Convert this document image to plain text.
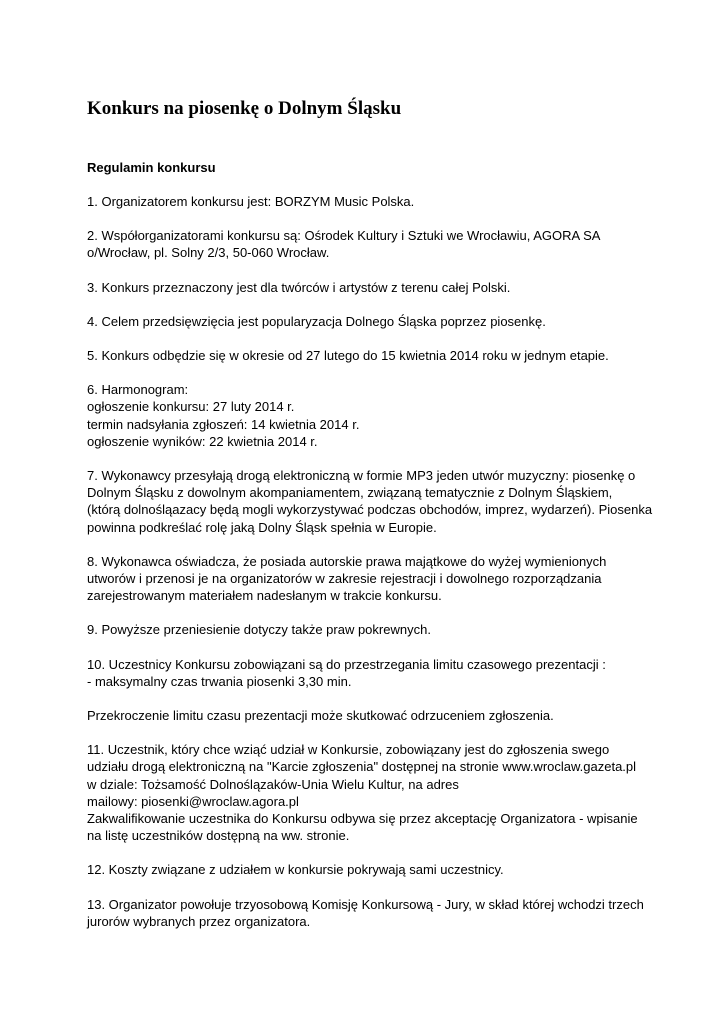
Konkurs na piosenkę o Dolnym Śląsku
Regulamin konkursu
1. Organizatorem konkursu jest: BORZYM Music Polska.
2. Współorganizatorami konkursu są: Ośrodek Kultury i Sztuki we Wrocławiu, AGORA SA
o/Wrocław, pl. Solny 2/3, 50-060 Wrocław.
3. Konkurs przeznaczony jest dla twórców i artystów z terenu całej Polski.
4. Celem przedsięwzięcia jest popularyzacja Dolnego Śląska poprzez piosenkę.
5. Konkurs odbędzie się w okresie od 27 lutego do 15 kwietnia 2014 roku w jednym etapie.
6. Harmonogram:
ogłoszenie konkursu: 27 luty 2014 r.
termin nadsyłania zgłoszeń: 14 kwietnia 2014 r.
ogłoszenie wyników: 22 kwietnia 2014 r.
7. Wykonawcy przesyłają drogą elektroniczną w formie MP3 jeden utwór muzyczny: piosenkę o
Dolnym Śląsku z dowolnym akompaniamentem, związaną tematycznie z Dolnym Śląskiem,
(którą dolnośląazacy będą mogli wykorzystywać podczas obchodów, imprez, wydarzeń). Piosenka
powinna podkreślać rolę jaką Dolny Śląsk spełnia w Europie.
8. Wykonawca oświadcza, że posiada autorskie prawa majątkowe do wyżej wymienionych
utworów i przenosi je na organizatorów w zakresie rejestracji i dowolnego rozporządzania
zarejestrowanym materiałem nadesłanym w trakcie konkursu.
9. Powyższe przeniesienie dotyczy także praw pokrewnych.
10. Uczestnicy Konkursu zobowiązani są do przestrzegania limitu czasowego prezentacji :
- maksymalny czas trwania piosenki 3,30 min.
Przekroczenie limitu czasu prezentacji może skutkować odrzuceniem zgłoszenia.
11. Uczestnik, który chce wziąć udział w Konkursie, zobowiązany jest do zgłoszenia swego
udziału drogą elektroniczną na "Karcie zgłoszenia" dostępnej na stronie www.wroclaw.gazeta.pl
w dziale: Tożsamość Dolnoślązaków-Unia Wielu Kultur, na adres
mailowy: piosenki@wroclaw.agora.pl
Zakwalifikowanie uczestnika do Konkursu odbywa się przez akceptację Organizatora - wpisanie
na listę uczestników dostępną na ww. stronie.
12. Koszty związane z udziałem w konkursie pokrywają sami uczestnicy.
13. Organizator powołuje trzyosobową Komisję Konkursową - Jury, w skład której wchodzi trzech
jurorów wybranych przez organizatora.
